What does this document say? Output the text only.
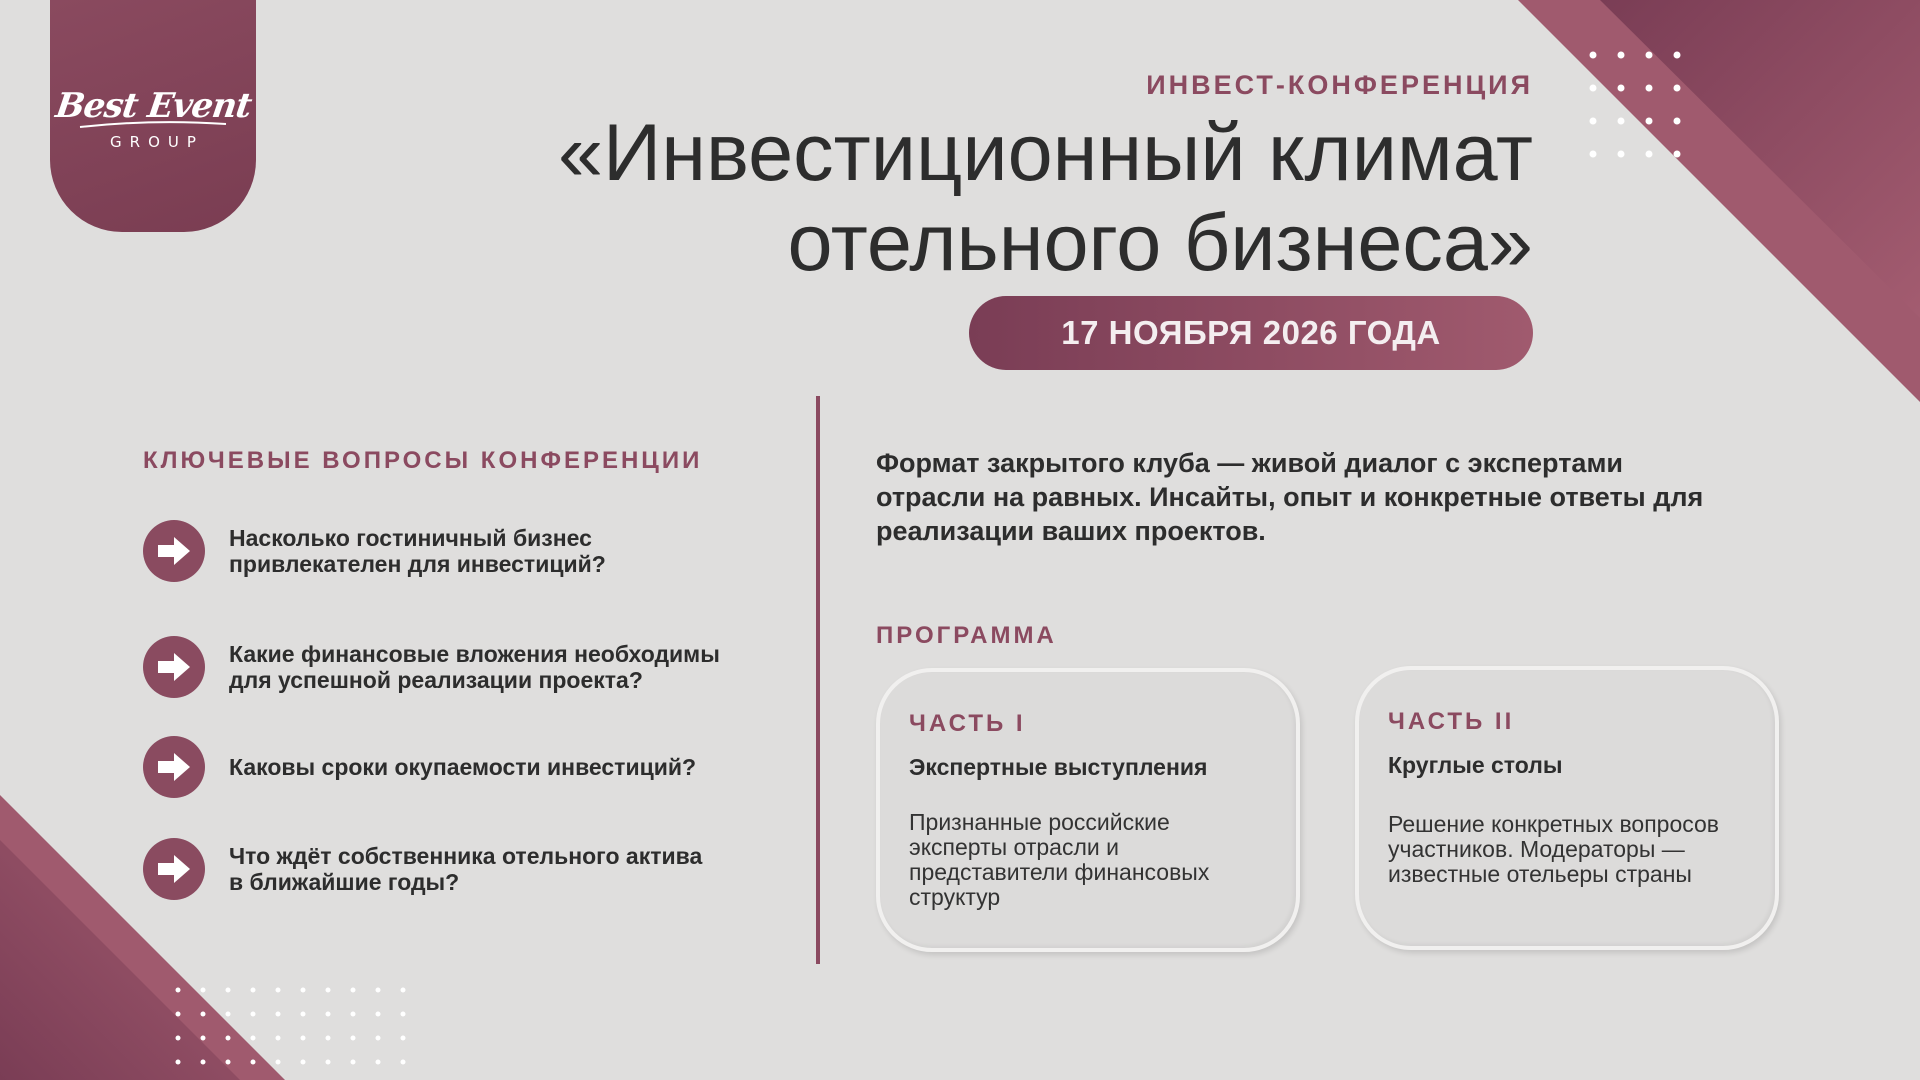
Best Event
GROUP
ИНВЕСТ-КОНФЕРЕНЦИЯ
«Инвестиционный климат
отельного бизнеса»
17 НОЯБРЯ 2026 ГОДА
КЛЮЧЕВЫЕ ВОПРОСЫ КОНФЕРЕНЦИИ
Насколько гостиничный бизнес
привлекателен для инвестиций?
Какие финансовые вложения необходимы
для успешной реализации проекта?
Каковы сроки окупаемости инвестиций?
Что ждёт собственника отельного актива
в ближайшие годы?
Формат закрытого клуба — живой диалог с экспертами
отрасли на равных. Инсайты, опыт и конкретные ответы для
реализации ваших проектов.
ПРОГРАММА
ЧАСТЬ I
Экспертные выступления
Признанные российские
эксперты отрасли и
представители финансовых
структур
ЧАСТЬ II
Круглые столы
Решение конкретных вопросов
участников. Модераторы —
известные отельеры страны
